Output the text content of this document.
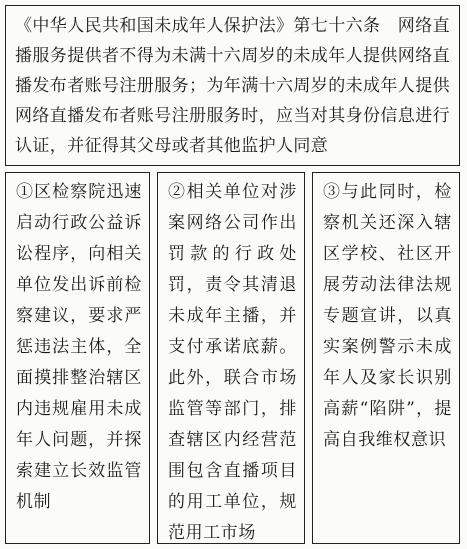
《中华人民共和国未成年人保护法》第七十六条　网络直播服务提供者不得为未满十六周岁的未成年人提供网络直播发布者账号注册服务；为年满十六周岁的未成年人提供网络直播发布者账号注册服务时，应当对其身份信息进行认证，并征得其父母或者其他监护人同意
①区检察院迅速启动行政公益诉讼程序，向相关单位发出诉前检察建议，要求严惩违法主体，全面摸排整治辖区内违规雇用未成年人问题，并探索建立长效监管机制
②相关单位对涉案网络公司作出罚款的行政处罚，责令其清退未成年主播，并支付承诺底薪。此外，联合市场监管等部门，排查辖区内经营范围包含直播项目的用工单位，规范用工市场
③与此同时，检察机关还深入辖区学校、社区开展劳动法律法规专题宣讲，以真实案例警示未成年人及家长识别高薪“陷阱”，提高自我维权意识
